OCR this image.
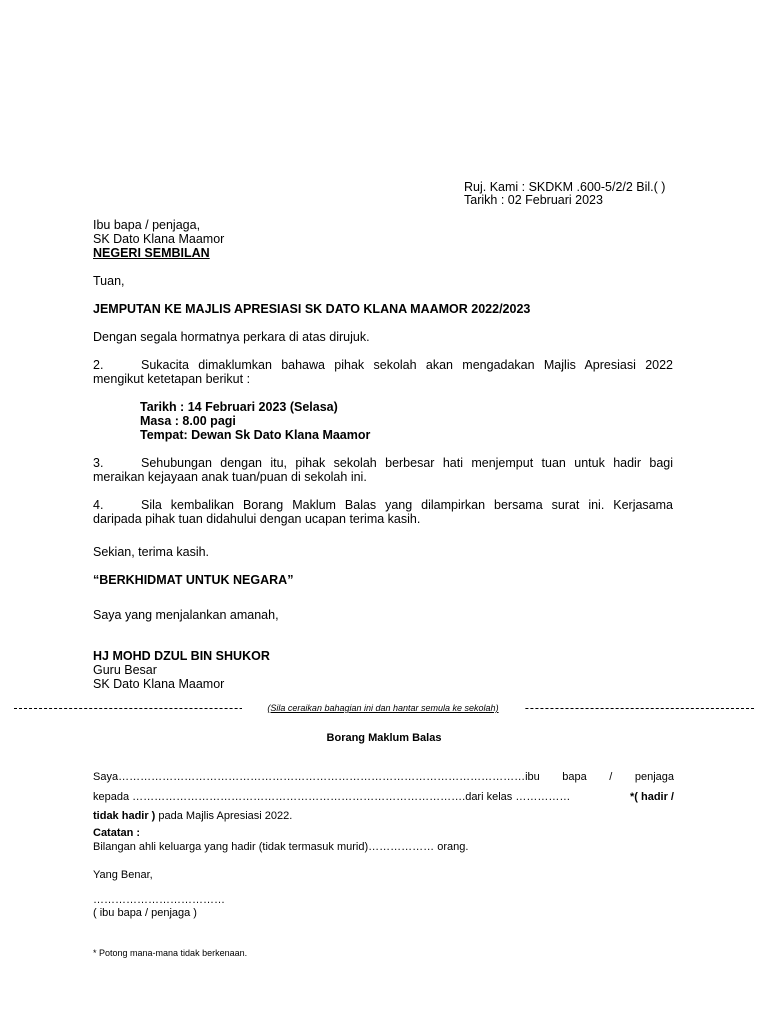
Ruj. Kami : SKDKM .600-5/2/2 Bil.( )
Tarikh : 02 Februari 2023
Ibu bapa / penjaga,
SK Dato Klana Maamor
NEGERI SEMBILAN
Tuan,
JEMPUTAN KE MAJLIS APRESIASI SK DATO KLANA MAAMOR 2022/2023
Dengan segala hormatnya perkara di atas dirujuk.
2.	Sukacita dimaklumkan bahawa pihak sekolah akan mengadakan Majlis Apresiasi 2022
mengikut ketetapan berikut :
Tarikh : 14 Februari 2023 (Selasa)
Masa : 8.00 pagi
Tempat: Dewan Sk Dato Klana Maamor
3.	Sehubungan dengan itu, pihak sekolah berbesar hati menjemput tuan untuk hadir bagi
meraikan kejayaan anak tuan/puan di sekolah ini.
4.	Sila kembalikan Borang Maklum Balas yang dilampirkan bersama surat ini. Kerjasama
daripada pihak tuan didahului dengan ucapan terima kasih.
Sekian, terima kasih.
“BERKHIDMAT UNTUK NEGARA”
Saya yang menjalankan amanah,
HJ MOHD DZUL BIN SHUKOR
Guru Besar
SK Dato Klana Maamor
(Sila ceraikan bahagian ini dan hantar semula ke sekolah)
Borang Maklum Balas
Saya…………………………………………………………………………………………………ibu bapa / penjaga
kepada ……………………………………………………………………………….dari kelas ……………	*( hadir /
tidak hadir ) pada Majlis Apresiasi 2022.
Catatan :
Bilangan ahli keluarga yang hadir (tidak termasuk murid)……………… orang.
Yang Benar,
………………………………
( ibu bapa / penjaga )
* Potong mana-mana tidak berkenaan.
